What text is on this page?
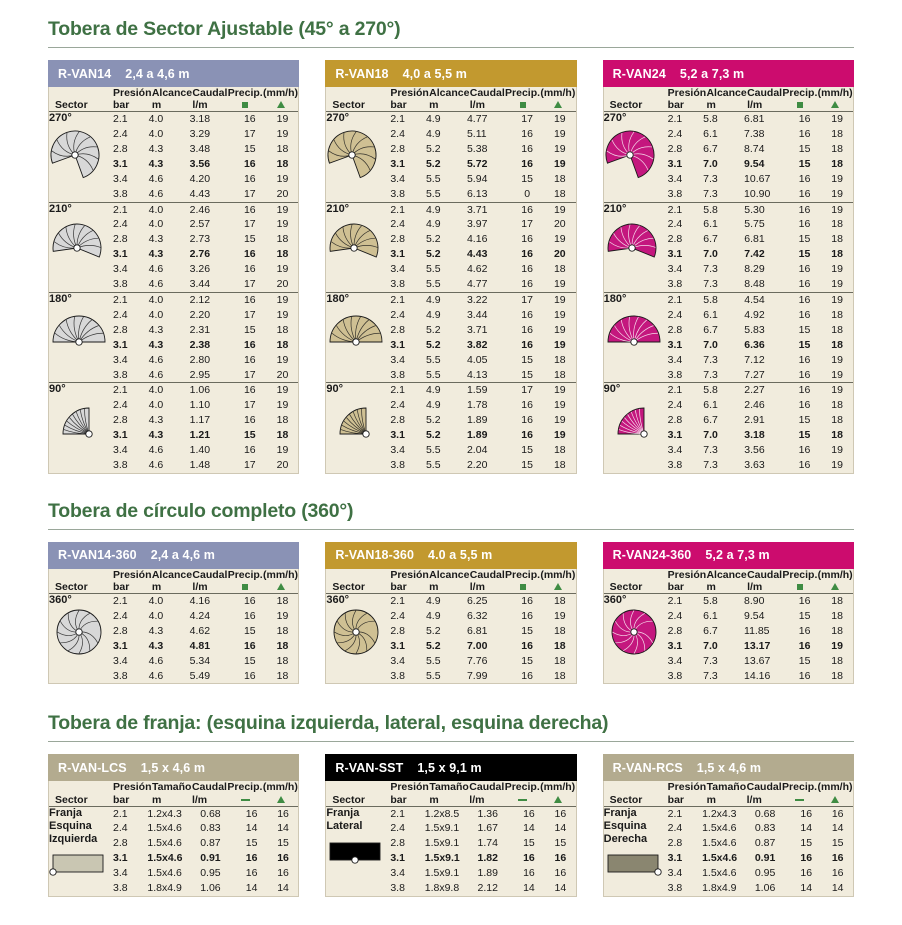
Tobera de Sector Ajustable (45° a 270°)
R-VAN14 2,4 a 4,6 m
Sector	Presión	Alcance	Caudal	Precip.	(mm/h)
bar	m	l/m		

270°
		2.1	4.0	3.18	16	19
2.4	4.0	3.29	17	19
2.8	4.3	3.48	15	18
3.1	4.3	3.56	16	18
3.4	4.6	4.20	16	19
3.8	4.6	4.43	17	20

210°
		2.1	4.0	2.46	16	19
2.4	4.0	2.57	17	19
2.8	4.3	2.73	15	18
3.1	4.3	2.76	16	18
3.4	4.6	3.26	16	19
3.8	4.6	3.44	17	20

180°
		2.1	4.0	2.12	16	19
2.4	4.0	2.20	17	19
2.8	4.3	2.31	15	18
3.1	4.3	2.38	16	18
3.4	4.6	2.80	16	19
3.8	4.6	2.95	17	20

90°
		2.1	4.0	1.06	16	19
2.4	4.0	1.10	17	19
2.8	4.3	1.17	16	18
3.1	4.3	1.21	15	18
3.4	4.6	1.40	16	19
3.8	4.6	1.48	17	20
R-VAN18 4,0 a 5,5 m
Sector	Presión	Alcance	Caudal	Precip.	(mm/h)
bar	m	l/m		

270°
		2.1	4.9	4.77	17	19
2.4	4.9	5.11	16	19
2.8	5.2	5.38	16	19
3.1	5.2	5.72	16	19
3.4	5.5	5.94	15	18
3.8	5.5	6.13	0	18

210°
		2.1	4.9	3.71	16	19
2.4	4.9	3.97	17	20
2.8	5.2	4.16	16	19
3.1	5.2	4.43	16	20
3.4	5.5	4.62	16	18
3.8	5.5	4.77	16	19

180°
		2.1	4.9	3.22	17	19
2.4	4.9	3.44	16	19
2.8	5.2	3.71	16	19
3.1	5.2	3.82	16	19
3.4	5.5	4.05	15	18
3.8	5.5	4.13	15	18

90°
		2.1	4.9	1.59	17	19
2.4	4.9	1.78	16	19
2.8	5.2	1.89	16	19
3.1	5.2	1.89	16	19
3.4	5.5	2.04	15	18
3.8	5.5	2.20	15	18
R-VAN24 5,2 a 7,3 m
Sector	Presión	Alcance	Caudal	Precip.	(mm/h)
bar	m	l/m		

270°
		2.1	5.8	6.81	16	19
2.4	6.1	7.38	16	18
2.8	6.7	8.74	15	18
3.1	7.0	9.54	15	18
3.4	7.3	10.67	16	19
3.8	7.3	10.90	16	19

210°
		2.1	5.8	5.30	16	19
2.4	6.1	5.75	16	18
2.8	6.7	6.81	15	18
3.1	7.0	7.42	15	18
3.4	7.3	8.29	16	19
3.8	7.3	8.48	16	19

180°
		2.1	5.8	4.54	16	19
2.4	6.1	4.92	16	18
2.8	6.7	5.83	15	18
3.1	7.0	6.36	15	18
3.4	7.3	7.12	16	19
3.8	7.3	7.27	16	19

90°
		2.1	5.8	2.27	16	19
2.4	6.1	2.46	16	18
2.8	6.7	2.91	15	18
3.1	7.0	3.18	15	18
3.4	7.3	3.56	16	19
3.8	7.3	3.63	16	19
Tobera de círculo completo (360°)
R-VAN14-360 2,4 a 4,6 m
Sector	Presión	Alcance	Caudal	Precip.	(mm/h)
bar	m	l/m		

360°
		2.1	4.0	4.16	16	18
2.4	4.0	4.24	16	19
2.8	4.3	4.62	15	18
3.1	4.3	4.81	16	18
3.4	4.6	5.34	15	18
3.8	4.6	5.49	16	18
R-VAN18-360 4.0 a 5,5 m
Sector	Presión	Alcance	Caudal	Precip.	(mm/h)
bar	m	l/m		

360°
		2.1	4.9	6.25	16	18
2.4	4.9	6.32	16	19
2.8	5.2	6.81	15	18
3.1	5.2	7.00	16	18
3.4	5.5	7.76	15	18
3.8	5.5	7.99	16	18
R-VAN24-360 5,2 a 7,3 m
Sector	Presión	Alcance	Caudal	Precip.	(mm/h)
bar	m	l/m		

360°
		2.1	5.8	8.90	16	18
2.4	6.1	9.54	15	18
2.8	6.7	11.85	16	18
3.1	7.0	13.17	16	19
3.4	7.3	13.67	15	18
3.8	7.3	14.16	16	18
Tobera de franja: (esquina izquierda, lateral, esquina derecha)
R-VAN-LCS 1,5 x 4,6 m
Sector	Presión	Tamaño	Caudal	Precip.	(mm/h)
bar	m	l/m		

Franja
Esquina
Izquierda

2.1	1.2x4.3	0.68	16	16
2.4	1.5x4.6	0.83	14	14
2.8	1.5x4.6	0.87	15	15
3.1	1.5x4.6	0.91	16	16
3.4	1.5x4.6	0.95	16	16
3.8	1.8x4.9	1.06	14	14
R-VAN-SST 1,5 x 9,1 m
Sector	Presión	Tamaño	Caudal	Precip.	(mm/h)
bar	m	l/m		

Franja
Lateral

2.1	1.2x8.5	1.36	16	16
2.4	1.5x9.1	1.67	14	14
2.8	1.5x9.1	1.74	15	15
3.1	1.5x9.1	1.82	16	16
3.4	1.5x9.1	1.89	16	16
3.8	1.8x9.8	2.12	14	14
R-VAN-RCS 1,5 x 4,6 m
Sector	Presión	Tamaño	Caudal	Precip.	(mm/h)
bar	m	l/m		

Franja
Esquina
Derecha

2.1	1.2x4.3	0.68	16	16
2.4	1.5x4.6	0.83	14	14
2.8	1.5x4.6	0.87	15	15
3.1	1.5x4.6	0.91	16	16
3.4	1.5x4.6	0.95	16	16
3.8	1.8x4.9	1.06	14	14
